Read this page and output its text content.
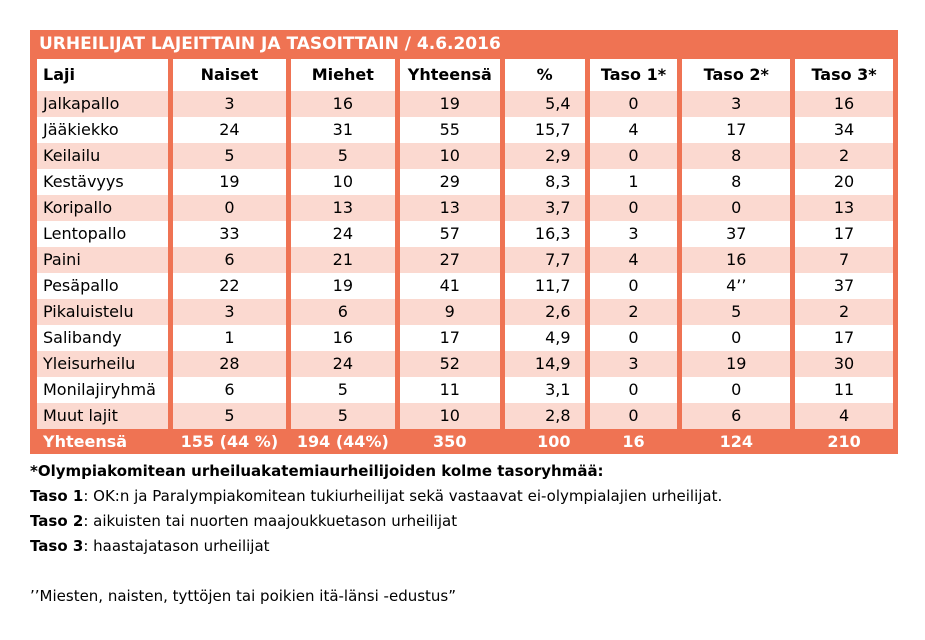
URHEILIJAT LAJEITTAIN JA TASOITTAIN / 4.6.2016
Laji	Naiset	Miehet	Yhteensä	%	Taso 1*	Taso 2*	Taso 3*
Jalkapallo	3	16	19	5,4	0	3	16
Jääkiekko	24	31	55	15,7	4	17	34
Keilailu	5	5	10	2,9	0	8	2
Kestävyys	19	10	29	8,3	1	8	20
Koripallo	0	13	13	3,7	0	0	13
Lentopallo	33	24	57	16,3	3	37	17
Paini	6	21	27	7,7	4	16	7
Pesäpallo	22	19	41	11,7	0	4’’	37
Pikaluistelu	3	6	9	2,6	2	5	2
Salibandy	1	16	17	4,9	0	0	17
Yleisurheilu	28	24	52	14,9	3	19	30
Monilajiryhmä	6	5	11	3,1	0	0	11
Muut lajit	5	5	10	2,8	0	6	4
Yhteensä	155 (44 %)	194 (44%)	350	100	16	124	210
*Olympiakomitean urheiluakatemiaurheilijoiden kolme tasoryhmää:
Taso 1: OK:n ja Paralympiakomitean tukiurheilijat sekä vastaavat ei-olympialajien urheilijat.
Taso 2: aikuisten tai nuorten maajoukkuetason urheilijat
Taso 3: haastajatason urheilijat
’’Miesten, naisten, tyttöjen tai poikien itä-länsi -edustus”
